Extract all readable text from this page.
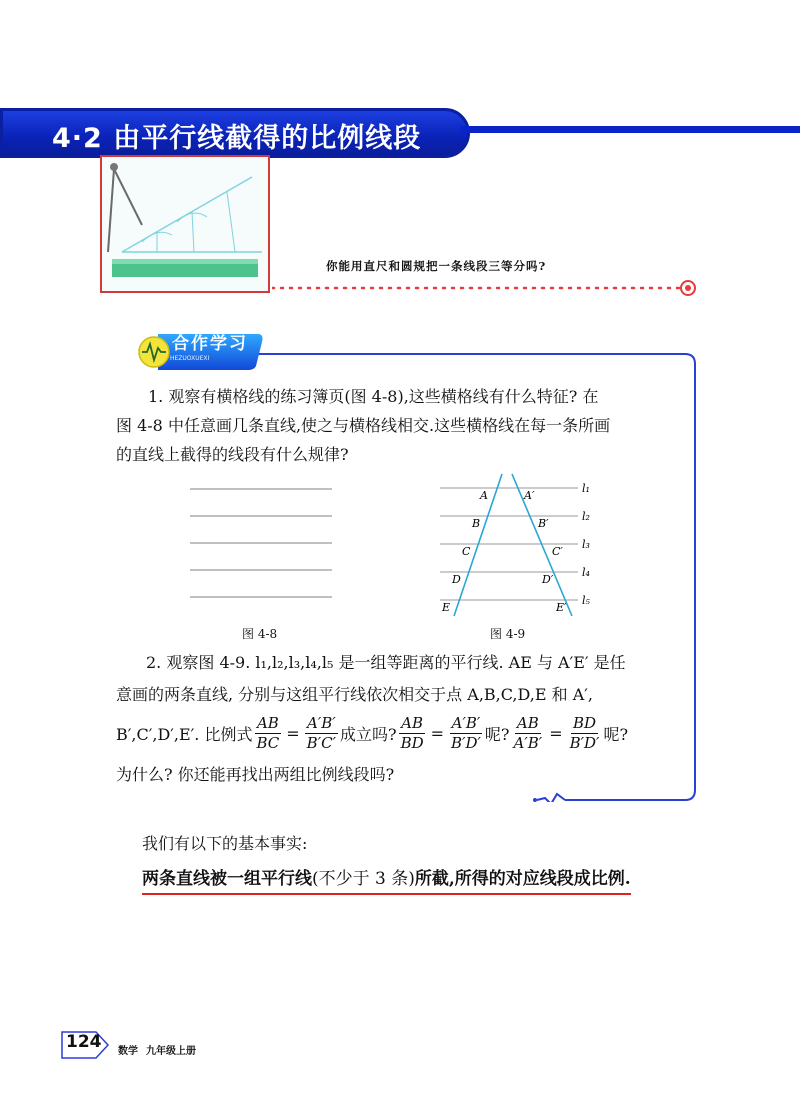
4·2 由平行线截得的比例线段
你能用直尺和圆规把一条线段三等分吗?
合作学习
HEZUOXUEXI
1. 观察有横格线的练习簿页(图 4-8),这些横格线有什么特征? 在
图 4-8 中任意画几条直线,使之与横格线相交.这些横格线在每一条所画
的直线上截得的线段有什么规律?
A
B
C
D
E
A′
B′
C′
D′
E′
l₁
l₂
l₃
l₄
l₅
图 4-8	图 4-9
2. 观察图 4-9. l₁,l₂,l₃,l₄,l₅ 是一组等距离的平行线. AE 与 A′E′ 是任
意画的两条直线, 分别与这组平行线依次相交于点 A,B,C,D,E 和 A′,
B′,C′,D′,E′. 比例式 $\frac{AB}{BC} = \frac{A'B'}{B'C'}$ 成立吗? $\frac{AB}{BD} = \frac{A'B'}{B'D'}$ 呢? $\frac{AB}{A'B'} = \frac{BD}{B'D'}$ 呢?
为什么? 你还能再找出两组比例线段吗?
我们有以下的基本事实:
两条直线被一组平行线(不少于 3 条)所截,所得的对应线段成比例.
124 数学 九年级上册
